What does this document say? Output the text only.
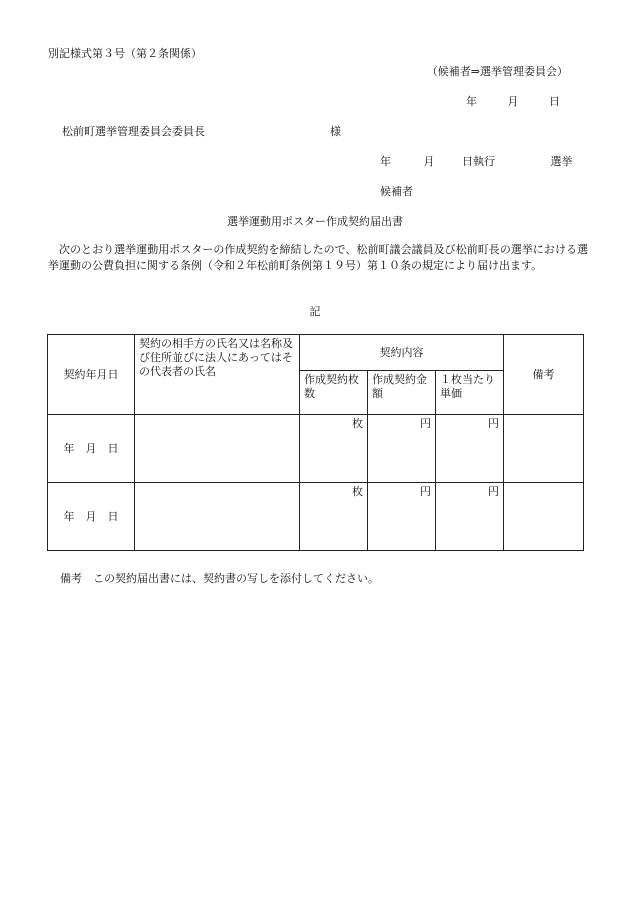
別記様式第３号（第２条関係）
（候補者⇒選挙管理委員会）
年	月	日
松前町選挙管理委員会委員長	様
年	月	日執行	選挙
候補者
選挙運動用ポスター作成契約届出書
次のとおり選挙運動用ポスターの作成契約を締結したので、松前町議会議員及び松前町長の選挙における選挙運動の公費負担に関する条例（令和２年松前町条例第１９号）第１０条の規定により届け出ます。
記
契約年月日	契約の相手方の氏名又は名称及び住所並びに法人にあってはその代表者の氏名	契約内容			備考
		作成契約枚数	作成契約金額	１枚当たり単価	
年　月　日		枚	円	円	
年　月　日		枚	円	円	
備考　この契約届出書には、契約書の写しを添付してください。
